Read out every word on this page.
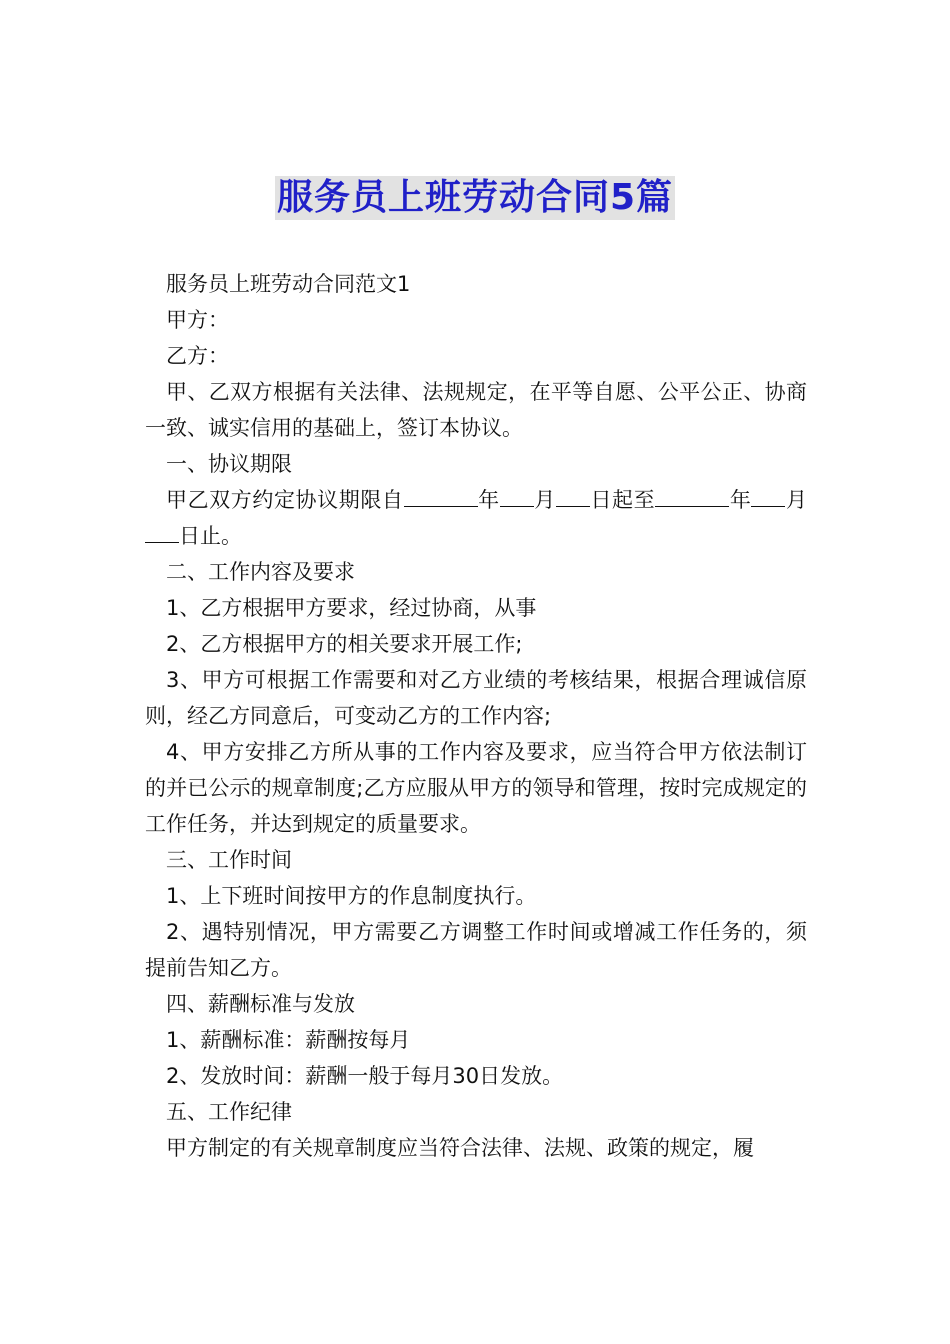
服务员上班劳动合同5篇

服务员上班劳动合同范文1

甲方：

乙方：

甲、乙双方根据有关法律、法规规定，在平等自愿、公平公正、协商一致、诚实信用的基础上，签订本协议。

一、协议期限

甲乙双方约定协议期限自	年 月 日起至	年 月日止。

二、工作内容及要求

1、乙方根据甲方要求，经过协商，从事

2、乙方根据甲方的相关要求开展工作;

3、甲方可根据工作需要和对乙方业绩的考核结果，根据合理诚信原则，经乙方同意后，可变动乙方的工作内容;

4、甲方安排乙方所从事的工作内容及要求，应当符合甲方依法制订的并已公示的规章制度;乙方应服从甲方的领导和管理，按时完成规定的工作任务，并达到规定的质量要求。

三、工作时间

1、上下班时间按甲方的作息制度执行。

2、遇特别情况，甲方需要乙方调整工作时间或增减工作任务的，须提前告知乙方。

四、薪酬标准与发放

1、薪酬标准：薪酬按每月

2、发放时间：薪酬一般于每月30日发放。

五、工作纪律

甲方制定的有关规章制度应当符合法律、法规、政策的规定，履
